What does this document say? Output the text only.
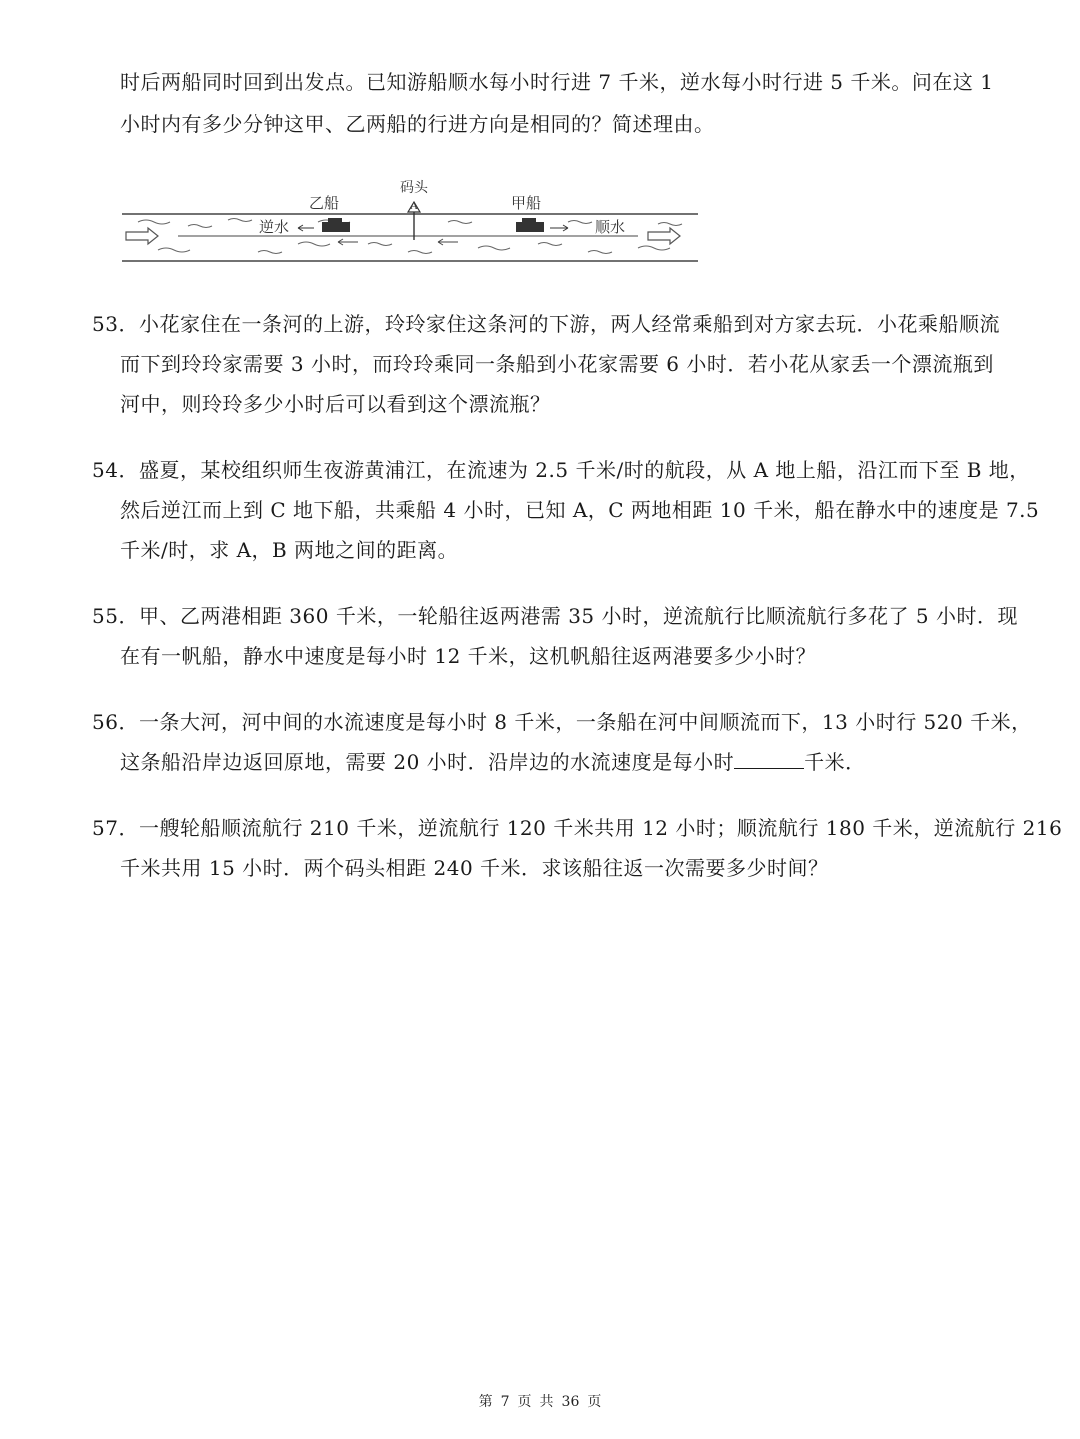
时后两船同时回到出发点。已知游船顺水每小时行进 7 千米，逆水每小时行进 5 千米。问在这 1
小时内有多少分钟这甲、乙两船的行进方向是相同的？简述理由。
码头
A
乙船
逆水
甲船
顺水
53．小花家住在一条河的上游，玲玲家住这条河的下游，两人经常乘船到对方家去玩．小花乘船顺流
而下到玲玲家需要 3 小时，而玲玲乘同一条船到小花家需要 6 小时．若小花从家丢一个漂流瓶到
河中，则玲玲多少小时后可以看到这个漂流瓶？
54．盛夏，某校组织师生夜游黄浦江，在流速为 2.5 千米/时的航段，从 A 地上船，沿江而下至 B 地，
然后逆江而上到 C 地下船，共乘船 4 小时，已知 A，C 两地相距 10 千米，船在静水中的速度是 7.5
千米/时，求 A，B 两地之间的距离。
55．甲、乙两港相距 360 千米，一轮船往返两港需 35 小时，逆流航行比顺流航行多花了 5 小时．现
在有一帆船，静水中速度是每小时 12 千米，这机帆船往返两港要多少小时？
56．一条大河，河中间的水流速度是每小时 8 千米，一条船在河中间顺流而下，13 小时行 520 千米，
这条船沿岸边返回原地，需要 20 小时．沿岸边的水流速度是每小时	千米．
57．一艘轮船顺流航行 210 千米，逆流航行 120 千米共用 12 小时；顺流航行 180 千米，逆流航行 216
千米共用 15 小时．两个码头相距 240 千米．求该船往返一次需要多少时间？
第 7 页 共 36 页
